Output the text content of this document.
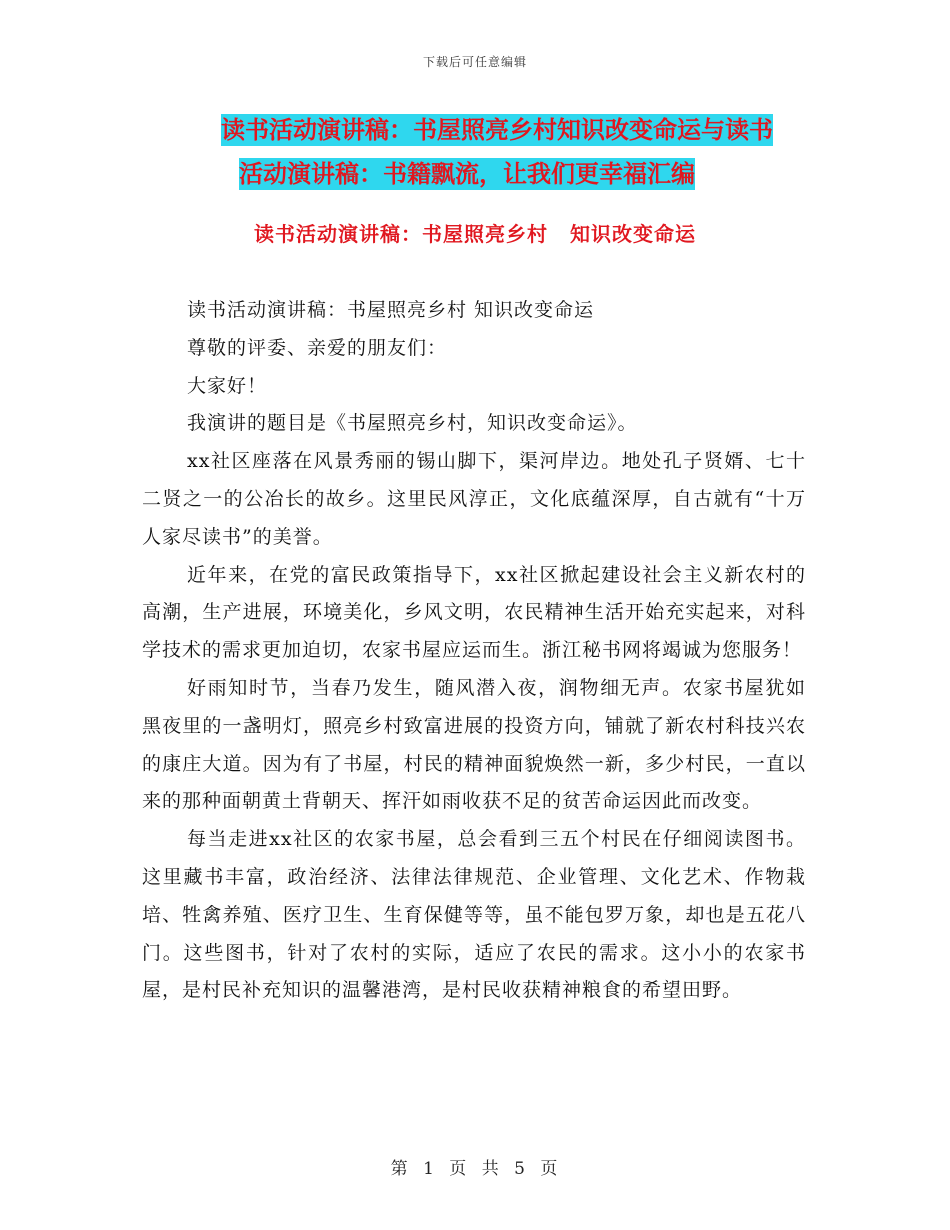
下载后可任意编辑
读书活动演讲稿：书屋照亮乡村知识改变命运与读书
活动演讲稿：书籍飘流，让我们更幸福汇编
读书活动演讲稿：书屋照亮乡村 知识改变命运

读书活动演讲稿：书屋照亮乡村 知识改变命运

尊敬的评委、亲爱的朋友们：

大家好！

我演讲的题目是《书屋照亮乡村，知识改变命运》。

xx社区座落在风景秀丽的锡山脚下，渠河岸边。地处孔子贤婿、七十二贤之一的公冶长的故乡。这里民风淳正，文化底蕴深厚，自古就有“十万人家尽读书”的美誉。

近年来，在党的富民政策指导下，xx社区掀起建设社会主义新农村的高潮，生产进展，环境美化，乡风文明，农民精神生活开始充实起来，对科学技术的需求更加迫切，农家书屋应运而生。浙江秘书网将竭诚为您服务！

好雨知时节，当春乃发生，随风潜入夜，润物细无声。农家书屋犹如黑夜里的一盏明灯，照亮乡村致富进展的投资方向，铺就了新农村科技兴农的康庄大道。因为有了书屋，村民的精神面貌焕然一新，多少村民，一直以来的那种面朝黄土背朝天、挥汗如雨收获不足的贫苦命运因此而改变。

每当走进xx社区的农家书屋，总会看到三五个村民在仔细阅读图书。这里藏书丰富，政治经济、法律法律规范、企业管理、文化艺术、作物栽培、牲禽养殖、医疗卫生、生育保健等等，虽不能包罗万象，却也是五花八门。这些图书，针对了农村的实际，适应了农民的需求。这小小的农家书屋，是村民补充知识的温馨港湾，是村民收获精神粮食的希望田野。

第 1 页 共 5 页
